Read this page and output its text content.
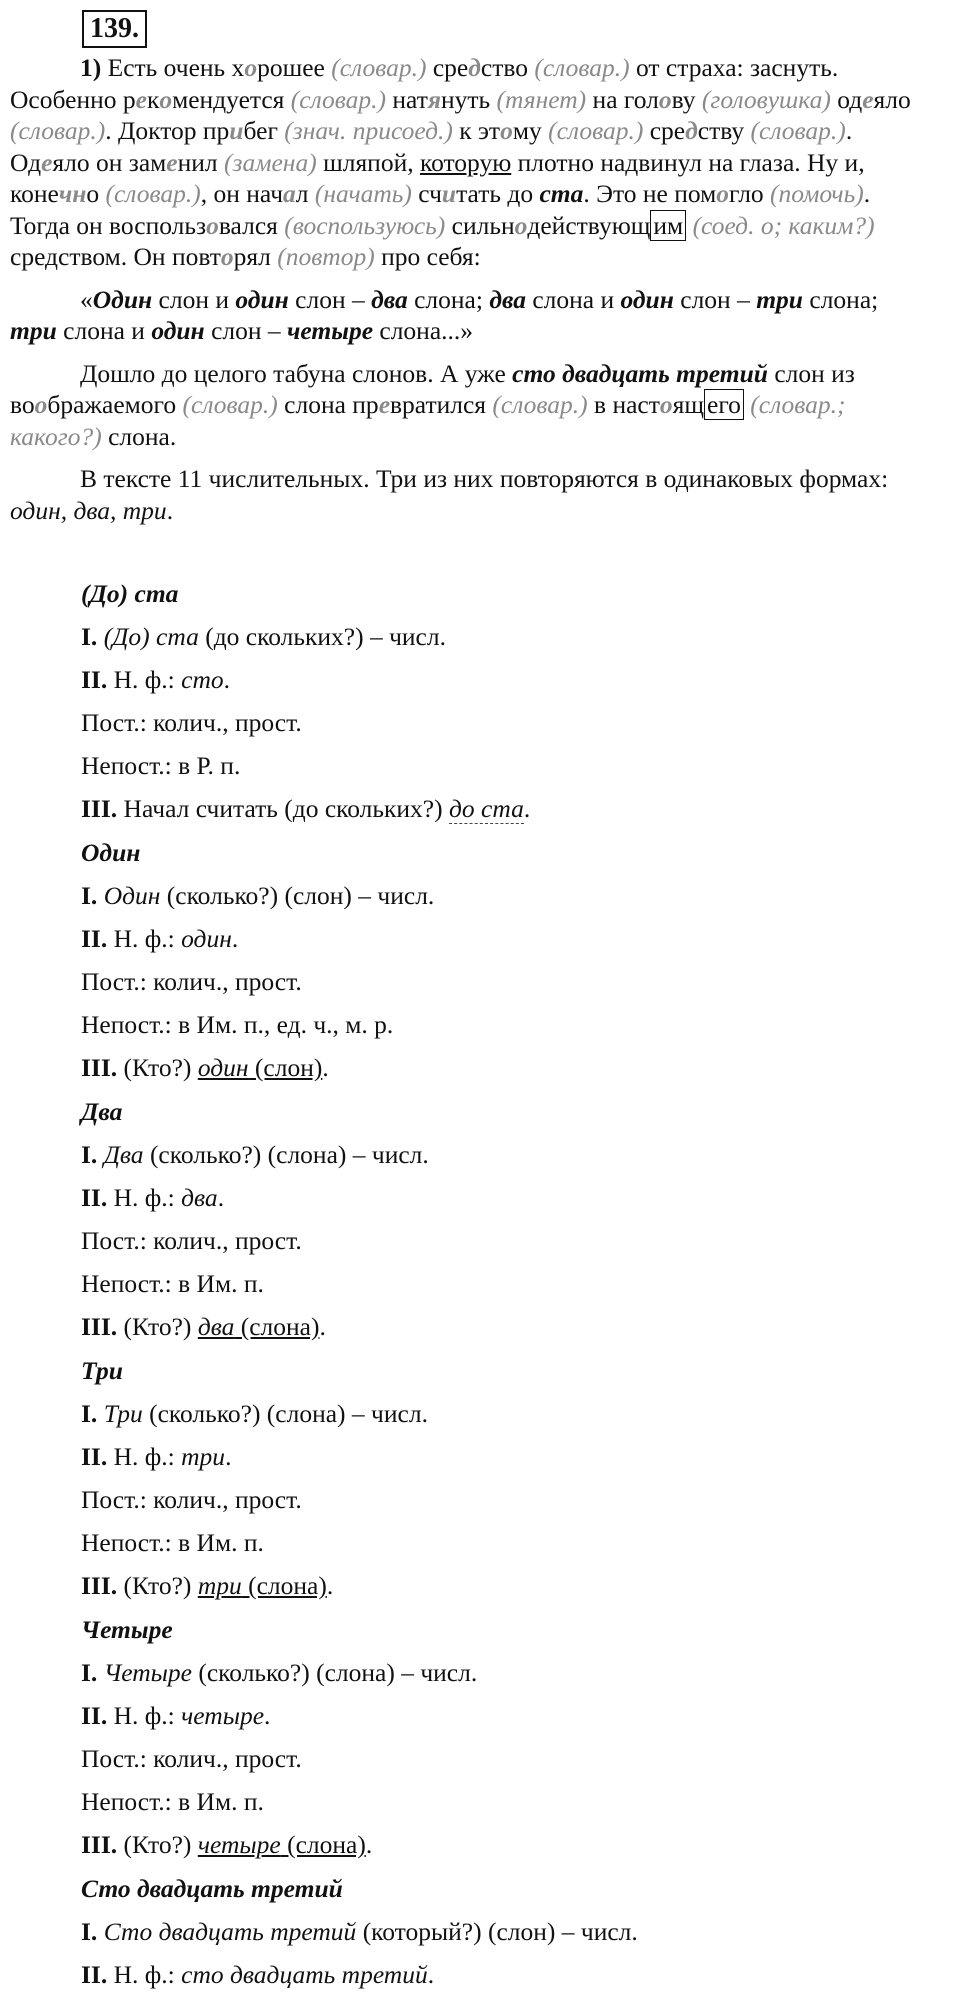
139.

1) Есть очень хорошее (словар.) средство (словар.) от страха: заснуть. Особенно рекомендуется (словар.) натянуть (тянет) на голову (головушка) одеяло (словар.). Доктор прибег (знач. присоед.) к этому (словар.) средству (словар.). Одеяло он заменил (замена) шляпой, которую плотно надвинул на глаза. Ну и, конечно (словар.), он начал (начать) считать до ста. Это не помогло (помочь). Тогда он воспользовался (воспользуюсь) сильнодействующ им (соед. о; каким?) средством. Он повторял (повтор) про себя:

«Один слон и один слон – два слона; два слона и один слон – три слона; три слона и один слон – четыре слона...»

Дошло до целого табуна слонов. А уже сто двадцать третий слон из воображаемого (словар.) слона превратился (словар.) в настоящ его (словар.; какого?) слона.

В тексте 11 числительных. Три из них повторяются в одинаковых формах: один, два, три.

(До) ста
I. (До) ста (до скольких?) – числ.
II. Н. ф.: сто.
Пост.: колич., прост.
Непост.: в Р. п.
III. Начал считать (до скольких?) до ста.
Один
I. Один (сколько?) (слон) – числ.
II. Н. ф.: один.
Пост.: колич., прост.
Непост.: в Им. п., ед. ч., м. р.
III. (Кто?) один (слон).
Два
I. Два (сколько?) (слона) – числ.
II. Н. ф.: два.
Пост.: колич., прост.
Непост.: в Им. п.
III. (Кто?) два (слона).
Три
I. Три (сколько?) (слона) – числ.
II. Н. ф.: три.
Пост.: колич., прост.
Непост.: в Им. п.
III. (Кто?) три (слона).
Четыре
I. Четыре (сколько?) (слона) – числ.
II. Н. ф.: четыре.
Пост.: колич., прост.
Непост.: в Им. п.
III. (Кто?) четыре (слона).
Сто двадцать третий
I. Сто двадцать третий (который?) (слон) – числ.
II. Н. ф.: сто двадцать третий.
